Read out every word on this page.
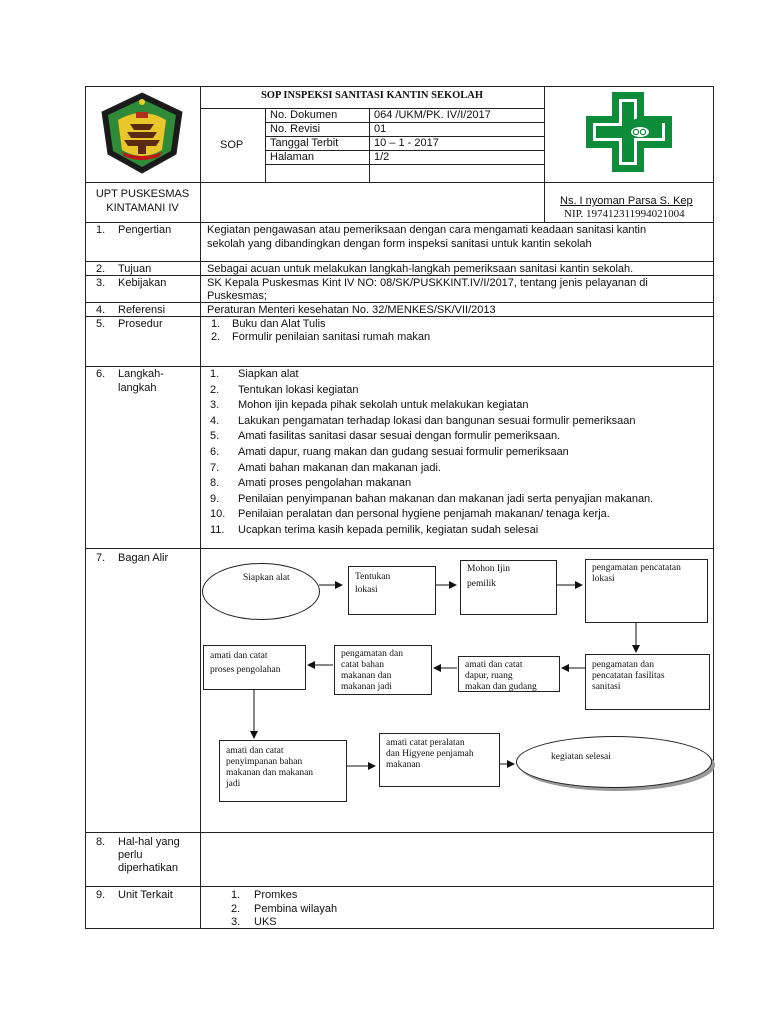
SOP INSPEKSI SANITASI KANTIN SEKOLAH
SOP
No. Dokumen	064 /UKM/PK. IV/I/2017
No. Revisi	01
Tanggal Terbit	10 – 1 - 2017
Halaman	1/2
UPT PUSKESMAS
KINTAMANI IV
Ns. I nyoman Parsa S. Kep
NIP. 197412311994021004
1. Pengertian	Kegiatan pengawasan atau pemeriksaan dengan cara mengamati keadaan sanitasi kantin
sekolah yang dibandingkan dengan form inspeksi sanitasi untuk kantin sekolah
2. Tujuan	Sebagai acuan untuk melakukan langkah-langkah pemeriksaan sanitasi kantin sekolah.
3. Kebijakan	SK Kepala Puskesmas Kint IV NO: 08/SK/PUSKKINT.IV/I/2017, tentang jenis pelayanan di
Puskesmas;
4. Referensi	Peraturan Menteri kesehatan No. 32/MENKES/SK/VII/2013
5. Prosedur	1. Buku dan Alat Tulis
2. Formulir penilaian sanitasi rumah makan
6. Langkah-
langkah
1. Siapkan alat
2. Tentukan lokasi kegiatan
3. Mohon ijin kepada pihak sekolah untuk melakukan kegiatan
4. Lakukan pengamatan terhadap lokasi dan bangunan sesuai formulir pemeriksaan
5. Amati fasilitas sanitasi dasar sesuai dengan formulir pemeriksaan.
6. Amati dapur, ruang makan dan gudang sesuai formulir pemeriksaan
7. Amati bahan makanan dan makanan jadi.
8. Amati proses pengolahan makanan
9. Penilaian penyimpanan bahan makanan dan makanan jadi serta penyajian makanan.
10. Penilaian peralatan dan personal hygiene penjamah makanan/ tenaga kerja.
11. Ucapkan terima kasih kepada pemilik, kegiatan sudah selesai
7. Bagan Alir
Siapkan alat	Tentukan
lokasi
Mohon Ijin
pemilik
pengamatan pencatatan
lokasi
pengamatan dan
pencatatan fasilitas
sanitasi
amati dan catat
dapur, ruang
makan dan gudang
pengamatan dan
catat bahan
makanan dan
makanan jadi
amati dan catat
proses pengolahan
amati dan catat
penyimpanan bahan
makanan dan makanan
jadi
amati catat peralatan
dan Higyene penjamah
makanan
kegiatan selesai
8. Hal-hal yang
perlu
diperhatikan
9. Unit Terkait	1. Promkes
2. Pembina wilayah
3. UKS
